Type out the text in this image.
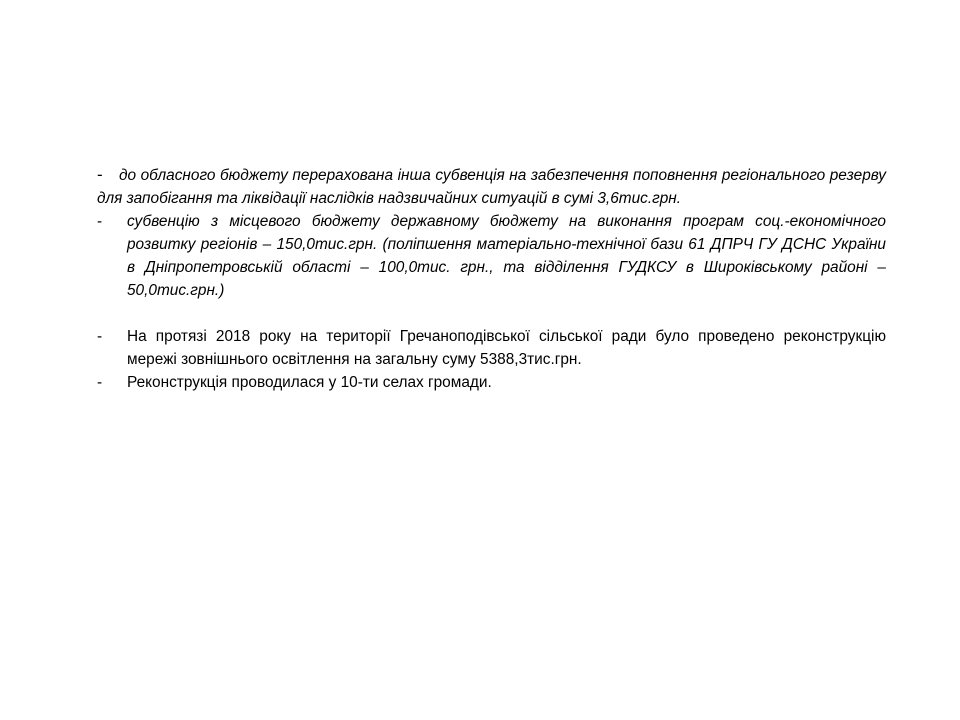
- до обласного бюджету перерахована інша субвенція на забезпечення поповнення регіонального резерву для запобігання та ліквідації наслідків надзвичайних ситуацій в сумі 3,6тис.грн.

-	субвенцію з місцевого бюджету державному бюджету на виконання програм соц.-економічного розвитку регіонів – 150,0тис.грн. (поліпшення матеріально-технічної бази 61 ДПРЧ ГУ ДСНС України в Дніпропетровській області – 100,0тис. грн., та відділення ГУДКСУ в Широківському районі – 50,0тис.грн.)
-	На протязі 2018 року на території Гречаноподівської сільської ради було проведено реконструкцію мережі зовнішнього освітлення на загальну суму 5388,3тис.грн.
-	Реконструкція проводилася у 10-ти селах громади.
